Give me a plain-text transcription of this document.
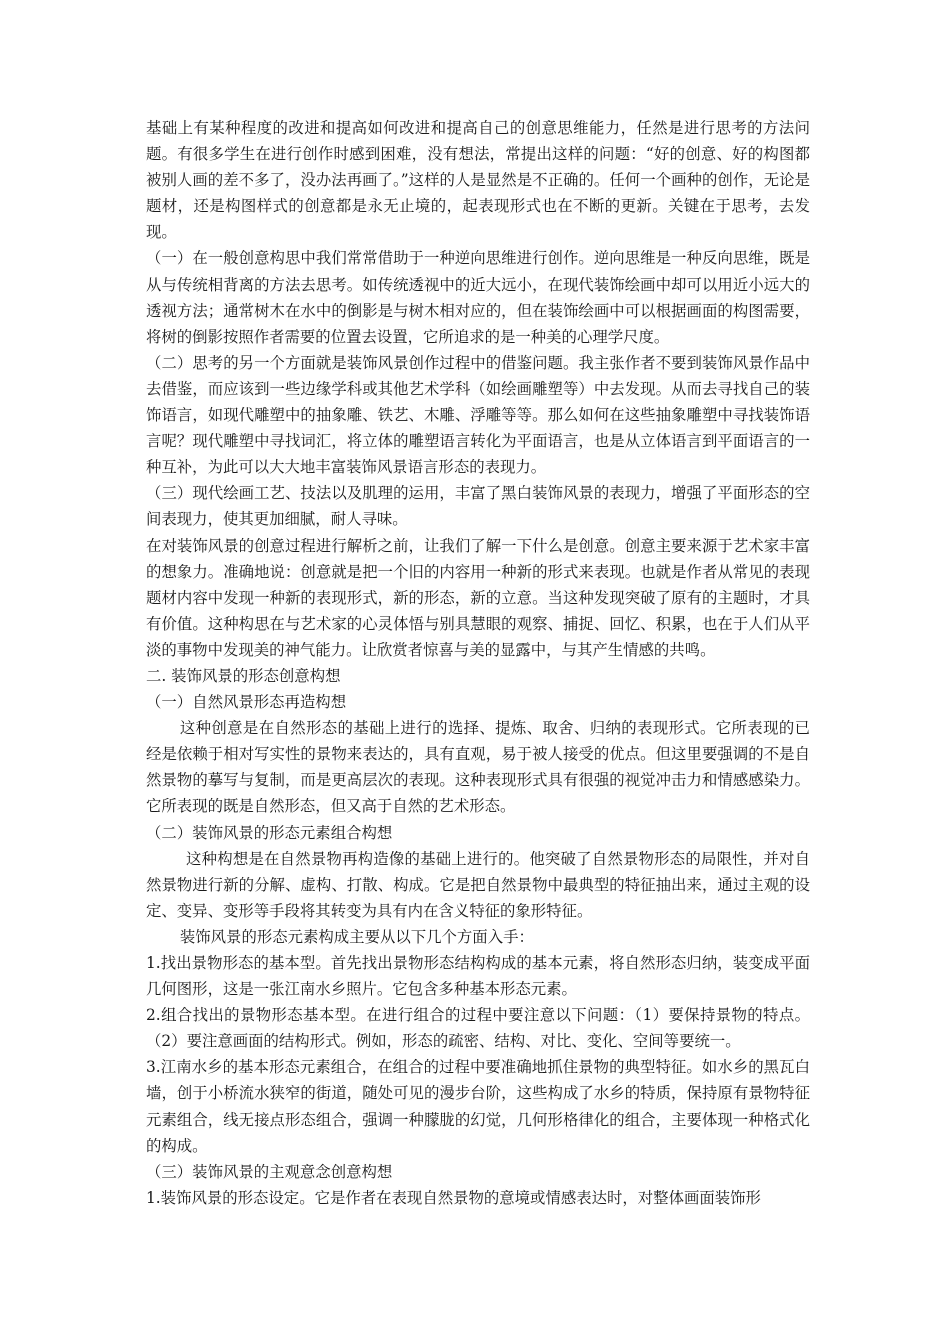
基础上有某种程度的改进和提高如何改进和提高自己的创意思维能力，任然是进行思考的方法问题。有很多学生在进行创作时感到困难，没有想法，常提出这样的问题：“好的创意、好的构图都被别人画的差不多了，没办法再画了。”这样的人是显然是不正确的。任何一个画种的创作，无论是题材，还是构图样式的创意都是永无止境的，起表现形式也在不断的更新。关键在于思考，去发现。

（一）在一般创意构思中我们常常借助于一种逆向思维进行创作。逆向思维是一种反向思维，既是从与传统相背离的方法去思考。如传统透视中的近大远小，在现代装饰绘画中却可以用近小远大的透视方法；通常树木在水中的倒影是与树木相对应的，但在装饰绘画中可以根据画面的构图需要，将树的倒影按照作者需要的位置去设置，它所追求的是一种美的心理学尺度。

（二）思考的另一个方面就是装饰风景创作过程中的借鉴问题。我主张作者不要到装饰风景作品中去借鉴，而应该到一些边缘学科或其他艺术学科（如绘画雕塑等）中去发现。从而去寻找自己的装饰语言，如现代雕塑中的抽象雕、铁艺、木雕、浮雕等等。那么如何在这些抽象雕塑中寻找装饰语言呢？现代雕塑中寻找词汇，将立体的雕塑语言转化为平面语言，也是从立体语言到平面语言的一种互补，为此可以大大地丰富装饰风景语言形态的表现力。

（三）现代绘画工艺、技法以及肌理的运用，丰富了黑白装饰风景的表现力，增强了平面形态的空间表现力，使其更加细腻，耐人寻味。

在对装饰风景的创意过程进行解析之前，让我们了解一下什么是创意。创意主要来源于艺术家丰富的想象力。准确地说：创意就是把一个旧的内容用一种新的形式来表现。也就是作者从常见的表现题材内容中发现一种新的表现形式，新的形态，新的立意。当这种发现突破了原有的主题时，才具有价值。这种构思在与艺术家的心灵体悟与别具慧眼的观察、捕捉、回忆、积累，也在于人们从平淡的事物中发现美的神气能力。让欣赏者惊喜与美的显露中，与其产生情感的共鸣。

二. 装饰风景的形态创意构想

（一）自然风景形态再造构想

这种创意是在自然形态的基础上进行的选择、提炼、取舍、归纳的表现形式。它所表现的已经是依赖于相对写实性的景物来表达的，具有直观，易于被人接受的优点。但这里要强调的不是自然景物的摹写与复制，而是更高层次的表现。这种表现形式具有很强的视觉冲击力和情感感染力。它所表现的既是自然形态，但又高于自然的艺术形态。

（二）装饰风景的形态元素组合构想

这种构想是在自然景物再构造像的基础上进行的。他突破了自然景物形态的局限性，并对自然景物进行新的分解、虚构、打散、构成。它是把自然景物中最典型的特征抽出来，通过主观的设定、变异、变形等手段将其转变为具有内在含义特征的象形特征。

装饰风景的形态元素构成主要从以下几个方面入手：

1.找出景物形态的基本型。首先找出景物形态结构构成的基本元素，将自然形态归纳，装变成平面几何图形，这是一张江南水乡照片。它包含多种基本形态元素。

2.组合找出的景物形态基本型。在进行组合的过程中要注意以下问题：（1）要保持景物的特点。（2）要注意画面的结构形式。例如，形态的疏密、结构、对比、变化、空间等要统一。

3.江南水乡的基本形态元素组合，在组合的过程中要准确地抓住景物的典型特征。如水乡的黑瓦白墙，创于小桥流水狭窄的街道，随处可见的漫步台阶，这些构成了水乡的特质，保持原有景物特征元素组合，线无接点形态组合，强调一种朦胧的幻觉，几何形格律化的组合，主要体现一种格式化的构成。

（三）装饰风景的主观意念创意构想

1.装饰风景的形态设定。它是作者在表现自然景物的意境或情感表达时，对整体画面装饰形
